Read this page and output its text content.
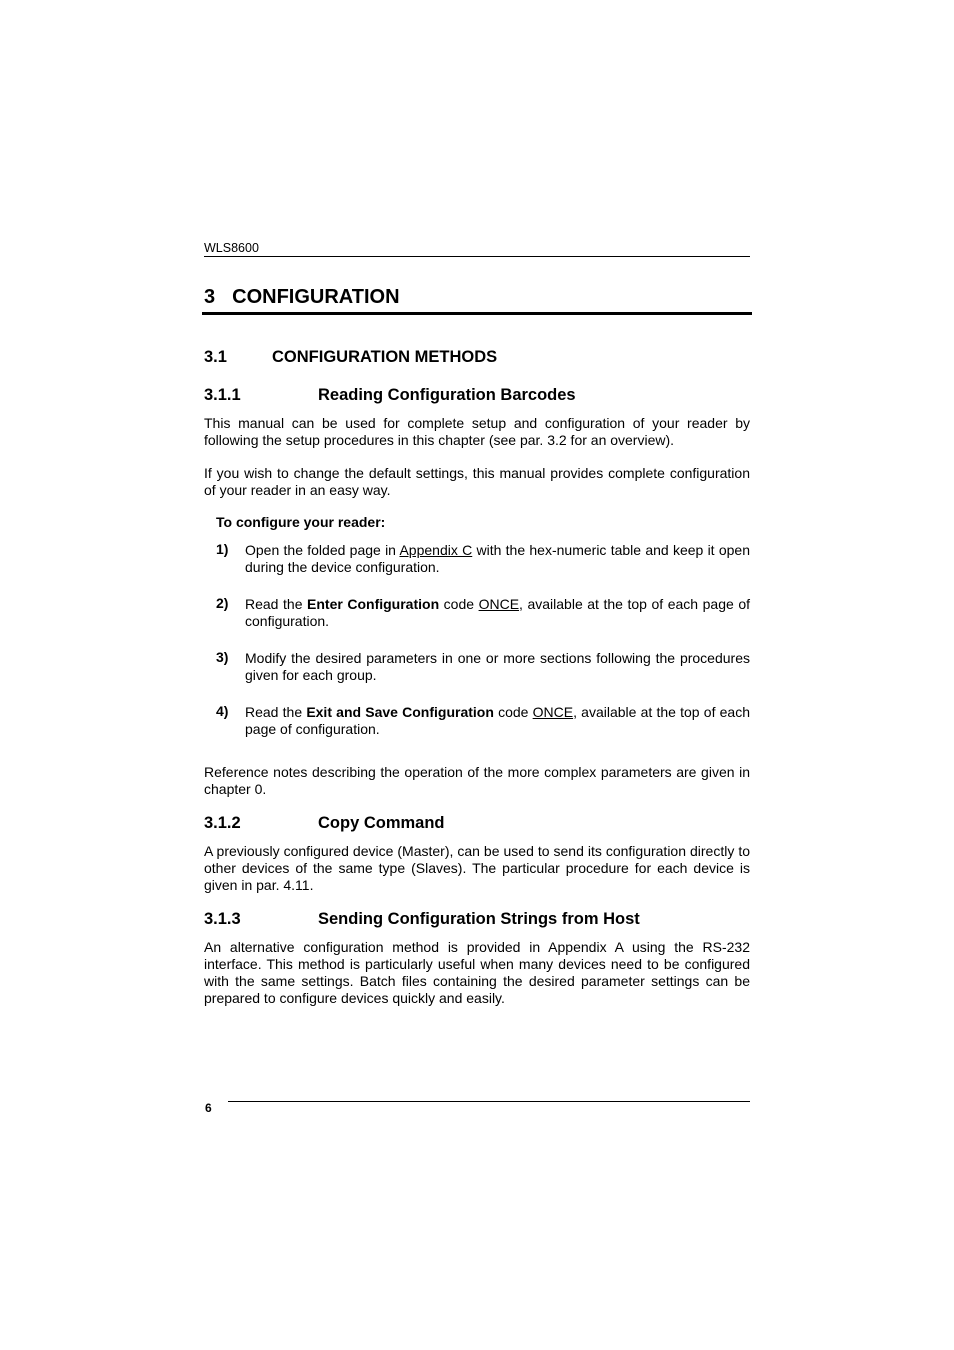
WLS8600
3 CONFIGURATION
3.1	CONFIGURATION METHODS
3.1.1	Reading Configuration Barcodes
This manual can be used for complete setup and configuration of your reader by following the setup procedures in this chapter (see par. 3.2 for an overview).
If you wish to change the default settings, this manual provides complete configuration of your reader in an easy way.
To configure your reader:
1) Open the folded page in Appendix C with the hex-numeric table and keep it open during the device configuration.
2) Read the Enter Configuration code ONCE, available at the top of each page of configuration.
3) Modify the desired parameters in one or more sections following the procedures given for each group.
4) Read the Exit and Save Configuration code ONCE, available at the top of each page of configuration.
Reference notes describing the operation of the more complex parameters are given in chapter 0.
3.1.2	Copy Command
A previously configured device (Master), can be used to send its configuration directly to other devices of the same type (Slaves). The particular procedure for each device is given in par. 4.11.
3.1.3	Sending Configuration Strings from Host
An alternative configuration method is provided in Appendix A using the RS-232 interface. This method is particularly useful when many devices need to be configured with the same settings. Batch files containing the desired parameter settings can be prepared to configure devices quickly and easily.
6
